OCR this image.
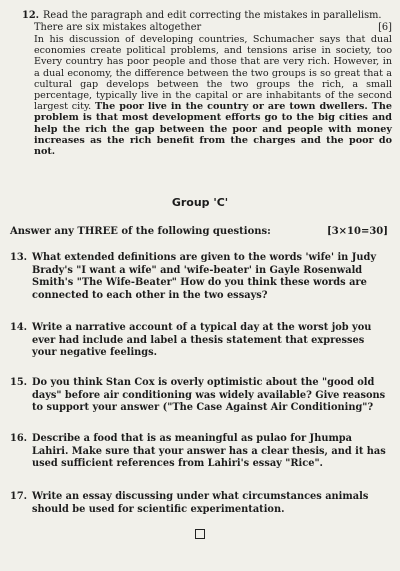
12. Read the paragraph and edit correcting the mistakes in parallelism.
There are six mistakes altogether	[6]
In his discussion of developing countries, Schumacher says that dual economies create political problems, and tensions arise in society, too Every country has poor people and those that are very rich. However, in a dual economy, the difference between the two groups is so great that a cultural gap develops between the two groups the rich, a small percentage, typically live in the capital or are inhabitants of the second largest city. The poor live in the country or are town dwellers. The problem is that most development efforts go to the big cities and help the rich the gap between the poor and people with money increases as the rich benefit from the charges and the poor do not.
Group 'C'
Answer any THREE of the following questions:	[3×10=30]
13. What extended definitions are given to the words 'wife' in Judy Brady's "I want a wife" and 'wife-beater' in Gayle Rosenwald Smith's "The Wife-Beater" How do you think these words are connected to each other in the two essays?
14. Write a narrative account of a typical day at the worst job you ever had include and label a thesis statement that expresses your negative feelings.
15. Do you think Stan Cox is overly optimistic about the "good old days" before air conditioning was widely available? Give reasons to support your answer ("The Case Against Air Conditioning"?
16. Describe a food that is as meaningful as pulao for Jhumpa Lahiri. Make sure that your answer has a clear thesis, and it has used sufficient references from Lahiri's essay "Rice".
17. Write an essay discussing under what circumstances animals should be used for scientific experimentation.
